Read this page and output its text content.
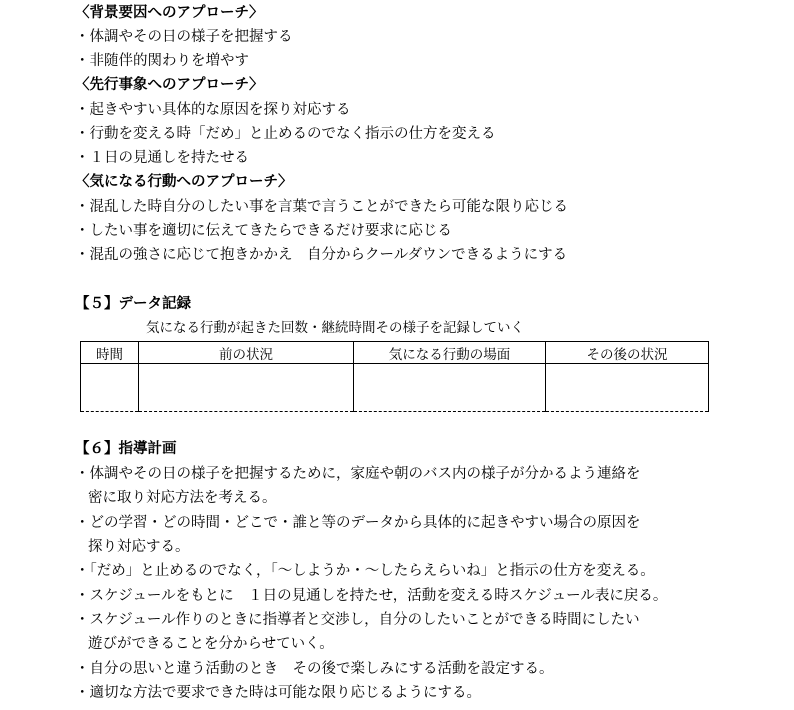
〈背景要因へのアプローチ〉
・体調やその日の様子を把握する
・非随伴的関わりを増やす
〈先行事象へのアプローチ〉
・起きやすい具体的な原因を探り対応する
・行動を変える時「だめ」と止めるのでなく指示の仕方を変える
・１日の見通しを持たせる
〈気になる行動へのアプローチ〉
・混乱した時自分のしたい事を言葉で言うことができたら可能な限り応じる
・したい事を適切に伝えてきたらできるだけ要求に応じる
・混乱の強さに応じて抱きかかえ　自分からクールダウンできるようにする
【５】データ記録
気になる行動が起きた回数・継続時間その様子を記録していく
時間	前の状況	気になる行動の場面	その後の状況

【６】指導計画
・体調やその日の様子を把握するために，家庭や朝のバス内の様子が分かるよう連絡を
密に取り対応方法を考える。
・どの学習・どの時間・どこで・誰と等のデータから具体的に起きやすい場合の原因を
探り対応する。
・「だめ」と止めるのでなく，「～しようか・～したらえらいね」と指示の仕方を変える。
・スケジュールをもとに　１日の見通しを持たせ，活動を変える時スケジュール表に戻る。
・スケジュール作りのときに指導者と交渉し，自分のしたいことができる時間にしたい
遊びができることを分からせていく。
・自分の思いと違う活動のとき　その後で楽しみにする活動を設定する。
・適切な方法で要求できた時は可能な限り応じるようにする。
